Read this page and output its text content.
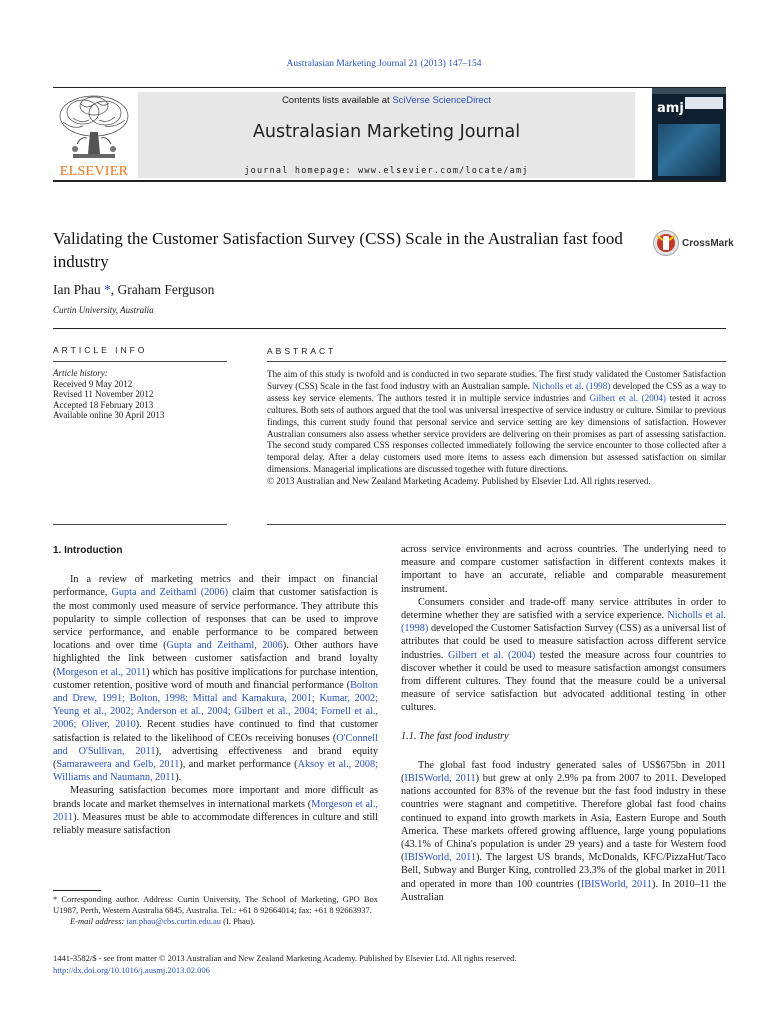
Australasian Marketing Journal 21 (2013) 147–154
ELSEVIER
Contents lists available at SciVerse ScienceDirect
Australasian Marketing Journal
journal homepage: www.elsevier.com/locate/amj
amj
Validating the Customer Satisfaction Survey (CSS) Scale in the Australian fast food industry
CrossMark
Ian Phau *, Graham Ferguson
Curtin University, Australia
ARTICLE INFO	ABSTRACT
Article history:
Received 9 May 2012
Revised 11 November 2012
Accepted 18 February 2013
Available online 30 April 2013
The aim of this study is twofold and is conducted in two separate studies. The first study validated the Customer Satisfaction Survey (CSS) Scale in the fast food industry with an Australian sample. Nicholls et al. (1998) developed the CSS as a way to assess key service elements. The authors tested it in multiple service industries and Gilbert et al. (2004) tested it across cultures. Both sets of authors argued that the tool was universal irrespective of service industry or culture. Similar to previous findings, this current study found that personal service and service setting are key dimensions of satisfaction. However Australian consumers also assess whether service providers are delivering on their promises as part of assessing satisfaction. The second study compared CSS responses collected immediately following the service encounter to those collected after a temporal delay. After a delay customers used more items to assess each dimension but assessed satisfaction on similar dimensions. Managerial implications are discussed together with future directions.
© 2013 Australian and New Zealand Marketing Academy. Published by Elsevier Ltd. All rights reserved.

1. Introduction

In a review of marketing metrics and their impact on financial performance, Gupta and Zeithaml (2006) claim that customer satisfaction is the most commonly used measure of service performance. They attribute this popularity to simple collection of responses that can be used to improve service performance, and enable performance to be compared between locations and over time (Gupta and Zeithaml, 2006). Other authors have highlighted the link between customer satisfaction and brand loyalty (Morgeson et al., 2011) which has positive implications for purchase intention, customer retention, positive word of mouth and financial performance (Bolton and Drew, 1991; Bolton, 1998; Mittal and Kamakura, 2001; Kumar, 2002; Yeung et al., 2002; Anderson et al., 2004; Gilbert et al., 2004; Fornell et al., 2006; Oliver, 2010). Recent studies have continued to find that customer satisfaction is related to the likelihood of CEOs receiving bonuses (O'Connell and O'Sullivan, 2011), advertising effectiveness and brand equity (Samaraweera and Gelb, 2011), and market performance (Aksoy et al., 2008; Williams and Naumann, 2011).

Measuring satisfaction becomes more important and more difficult as brands locate and market themselves in international markets (Morgeson et al., 2011). Measures must be able to accommodate differences in culture and still reliably measure satisfaction

across service environments and across countries. The underlying need to measure and compare customer satisfaction in different contexts makes it important to have an accurate, reliable and comparable measurement instrument.

Consumers consider and trade-off many service attributes in order to determine whether they are satisfied with a service experience. Nicholls et al. (1998) developed the Customer Satisfaction Survey (CSS) as a universal list of attributes that could be used to measure satisfaction across different service industries. Gilbert et al. (2004) tested the measure across four countries to discover whether it could be used to measure satisfaction amongst consumers from different cultures. They found that the measure could be a universal measure of service satisfaction but advocated additional testing in other cultures.

1.1. The fast food industry

The global fast food industry generated sales of US$675bn in 2011 (IBISWorld, 2011) but grew at only 2.9% pa from 2007 to 2011. Developed nations accounted for 83% of the revenue but the fast food industry in these countries were stagnant and competitive. Therefore global fast food chains continued to expand into growth markets in Asia, Eastern Europe and South America. These markets offered growing affluence, large young populations (43.1% of China's population is under 29 years) and a taste for Western food (IBISWorld, 2011). The largest US brands, McDonalds, KFC/PizzaHut/Taco Bell, Subway and Burger King, controlled 23.3% of the global market in 2011 and operated in more than 100 countries (IBISWorld, 2011). In 2010–11 the Australian

* Corresponding author. Address: Curtin University, The School of Marketing, GPO Box U1987, Perth, Western Australia 6845, Australia. Tel.: +61 8 92664014; fax: +61 8 92663937.
E-mail address: ian.phau@cbs.curtin.edu.au (I. Phau).
1441-3582/$ - see front matter © 2013 Australian and New Zealand Marketing Academy. Published by Elsevier Ltd. All rights reserved.
http://dx.doi.org/10.1016/j.ausmj.2013.02.006
